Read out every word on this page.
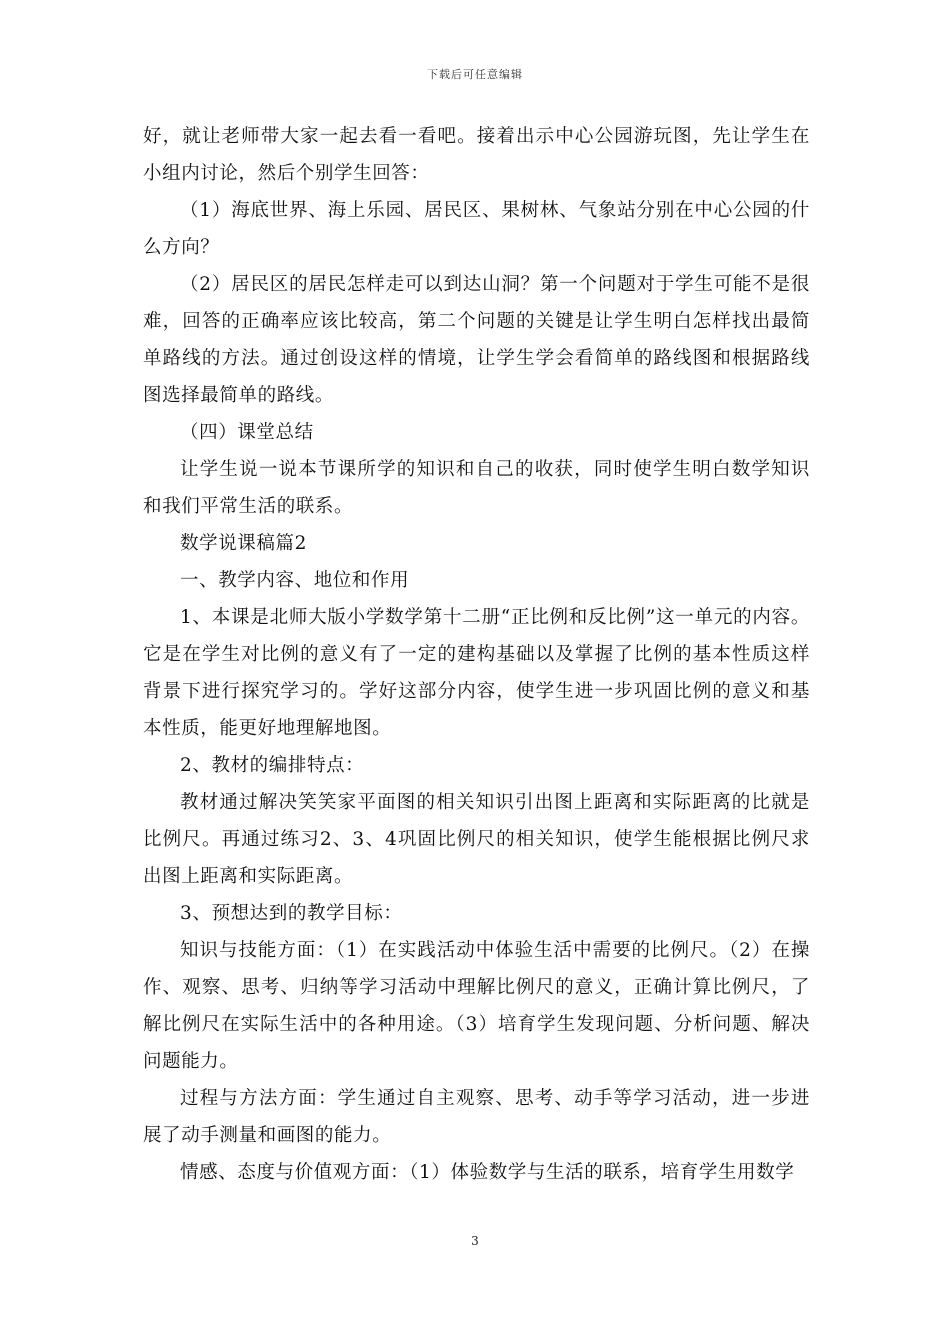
下载后可任意编辑

好，就让老师带大家一起去看一看吧。接着出示中心公园游玩图，先让学生在小组内讨论，然后个别学生回答：

（1）海底世界、海上乐园、居民区、果树林、气象站分别在中心公园的什么方向？

（2）居民区的居民怎样走可以到达山洞？第一个问题对于学生可能不是很难，回答的正确率应该比较高，第二个问题的关键是让学生明白怎样找出最简单路线的方法。通过创设这样的情境，让学生学会看简单的路线图和根据路线图选择最简单的路线。

（四）课堂总结

让学生说一说本节课所学的知识和自己的收获，同时使学生明白数学知识和我们平常生活的联系。

数学说课稿篇2

一、教学内容、地位和作用

1、本课是北师大版小学数学第十二册“正比例和反比例”这一单元的内容。它是在学生对比例的意义有了一定的建构基础以及掌握了比例的基本性质这样背景下进行探究学习的。学好这部分内容，使学生进一步巩固比例的意义和基本性质，能更好地理解地图。

2、教材的编排特点：

教材通过解决笑笑家平面图的相关知识引出图上距离和实际距离的比就是比例尺。再通过练习2、3、4巩固比例尺的相关知识，使学生能根据比例尺求出图上距离和实际距离。

3、预想达到的教学目标：

知识与技能方面：（1）在实践活动中体验生活中需要的比例尺。（2）在操作、观察、思考、归纳等学习活动中理解比例尺的意义，正确计算比例尺，了解比例尺在实际生活中的各种用途。（3）培育学生发现问题、分析问题、解决问题能力。

过程与方法方面：学生通过自主观察、思考、动手等学习活动，进一步进展了动手测量和画图的能力。

情感、态度与价值观方面：（1）体验数学与生活的联系，培育学生用数学

3
